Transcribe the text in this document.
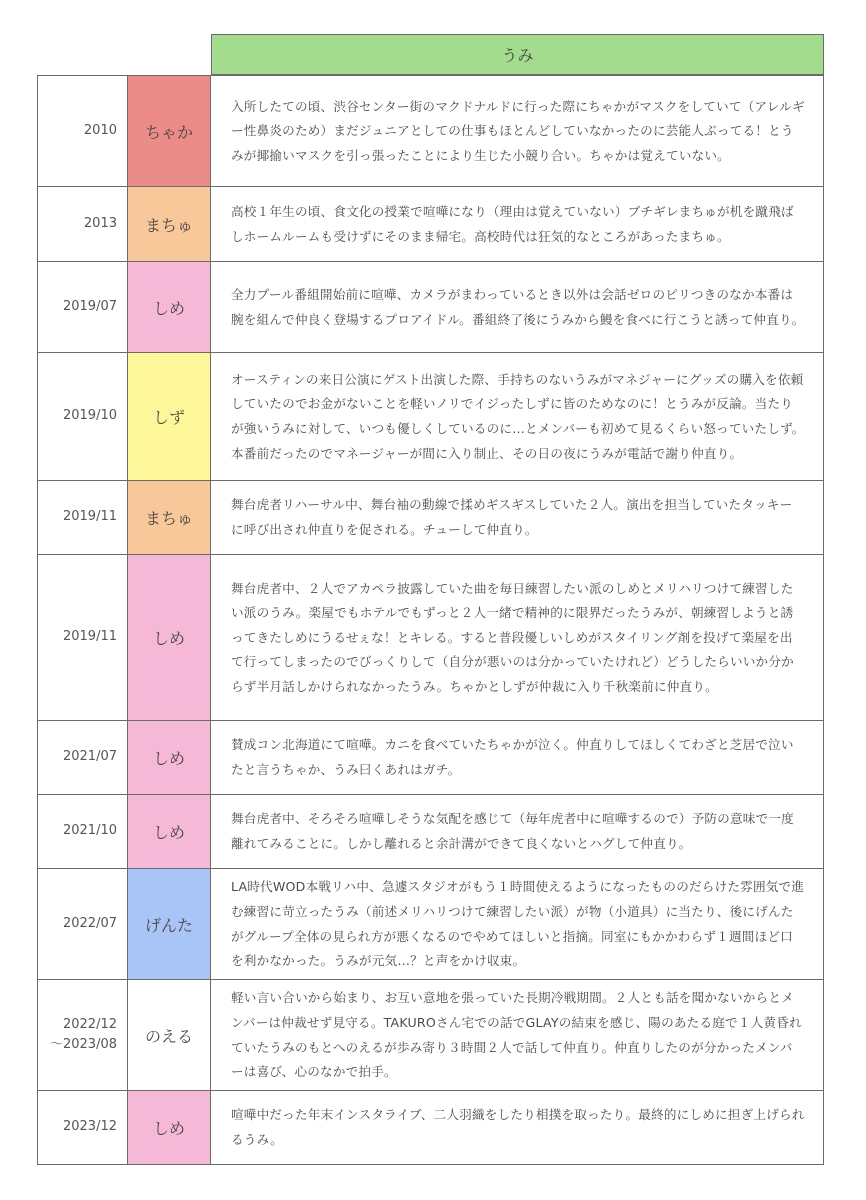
うみ
2010	ちゃか
入所したての頃、渋谷センター街のマクドナルドに行った際にちゃかがマスクをしていて（アレルギー性鼻炎のため）まだジュニアとしての仕事もほとんどしていなかったのに芸能人ぶってる！とうみが揶揄いマスクを引っ張ったことにより生じた小競り合い。ちゃかは覚えていない。
2013	まちゅ
高校１年生の頃、食文化の授業で喧嘩になり（理由は覚えていない）ブチギレまちゅが机を蹴飛ばしホームルームも受けずにそのまま帰宅。高校時代は狂気的なところがあったまちゅ。
2019/07	しめ
全力プール番組開始前に喧嘩、カメラがまわっているとき以外は会話ゼロのピリつきのなか本番は腕を組んで仲良く登場するプロアイドル。番組終了後にうみから鰻を食べに行こうと誘って仲直り。
2019/10	しず
オースティンの来日公演にゲスト出演した際、手持ちのないうみがマネジャーにグッズの購入を依頼していたのでお金がないことを軽いノリでイジったしずに皆のためなのに！とうみが反論。当たりが強いうみに対して、いつも優しくしているのに…とメンバーも初めて見るくらい怒っていたしず。本番前だったのでマネージャーが間に入り制止、その日の夜にうみが電話で謝り仲直り。
2019/11	まちゅ
舞台虎者リハーサル中、舞台袖の動線で揉めギスギスしていた２人。演出を担当していたタッキーに呼び出され仲直りを促される。チューして仲直り。
2019/11	しめ
舞台虎者中、２人でアカペラ披露していた曲を毎日練習したい派のしめとメリハリつけて練習したい派のうみ。楽屋でもホテルでもずっと２人一緒で精神的に限界だったうみが、朝練習しようと誘ってきたしめにうるせぇな！とキレる。すると普段優しいしめがスタイリング剤を投げて楽屋を出て行ってしまったのでびっくりして（自分が悪いのは分かっていたけれど）どうしたらいいか分からず半月話しかけられなかったうみ。ちゃかとしずが仲裁に入り千秋楽前に仲直り。
2021/07	しめ
賛成コン北海道にて喧嘩。カニを食べていたちゃかが泣く。仲直りしてほしくてわざと芝居で泣いたと言うちゃか、うみ曰くあれはガチ。
2021/10	しめ
舞台虎者中、そろそろ喧嘩しそうな気配を感じて（毎年虎者中に喧嘩するので）予防の意味で一度離れてみることに。しかし離れると余計溝ができて良くないとハグして仲直り。
2022/07	げんた
LA時代WOD本戦リハ中、急遽スタジオがもう１時間使えるようになったもののだらけた雰囲気で進む練習に苛立ったうみ（前述メリハリつけて練習したい派）が物（小道具）に当たり、後にげんたがグループ全体の見られ方が悪くなるのでやめてほしいと指摘。同室にもかかわらず１週間ほど口を利かなかった。うみが元気…？と声をかけ収束。
2022/12
～2023/08	のえる
軽い言い合いから始まり、お互い意地を張っていた長期冷戦期間。２人とも話を聞かないからとメンバーは仲裁せず見守る。TAKUROさん宅での話でGLAYの結束を感じ、陽のあたる庭で１人黄昏れていたうみのもとへのえるが歩み寄り３時間２人で話して仲直り。仲直りしたのが分かったメンバーは喜び、心のなかで拍手。
2023/12	しめ
喧嘩中だった年末インスタライブ、二人羽織をしたり相撲を取ったり。最終的にしめに担ぎ上げられるうみ。
